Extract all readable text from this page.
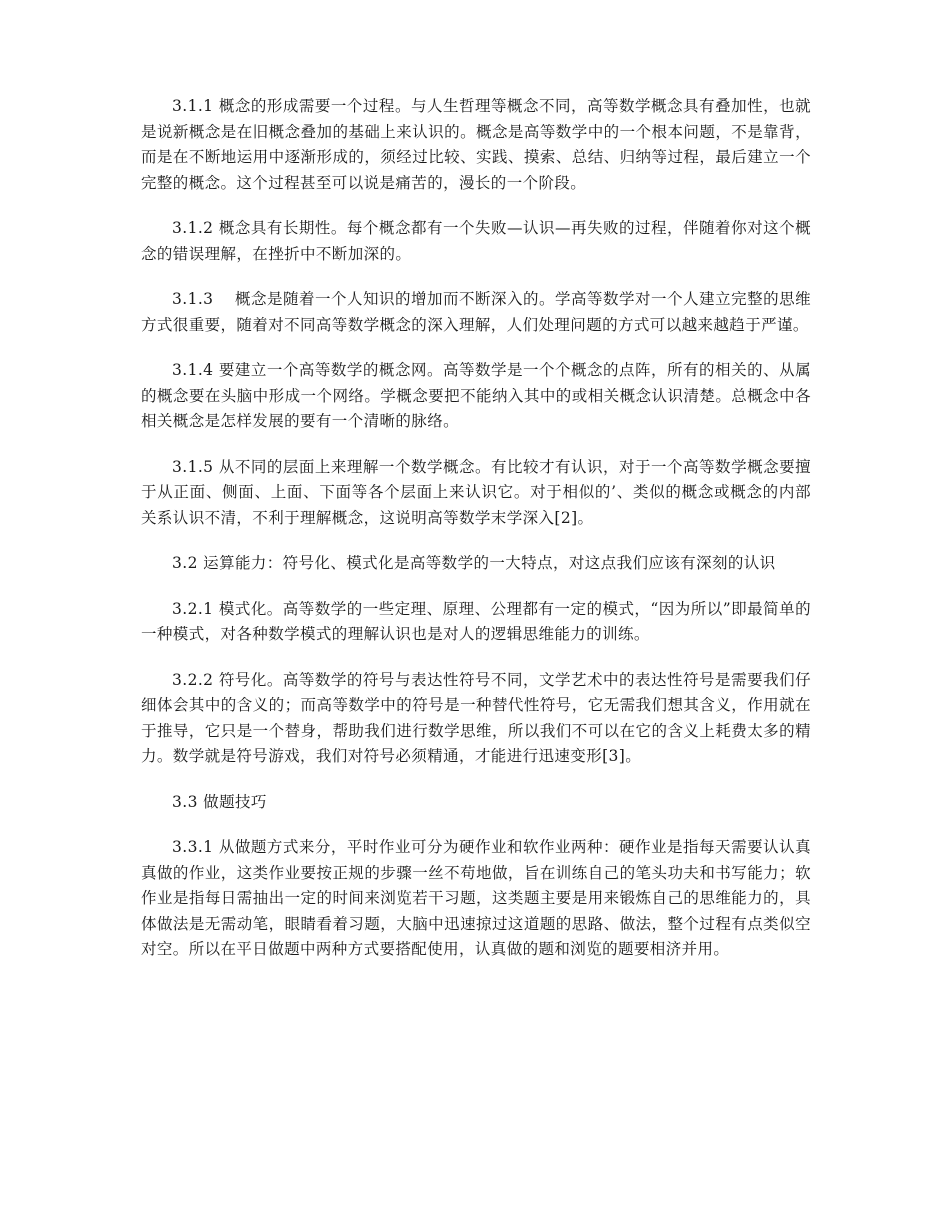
3.1.1 概念的形成需要一个过程。与人生哲理等概念不同，高等数学概念具有叠加性，也就是说新概念是在旧概念叠加的基础上来认识的。概念是高等数学中的一个根本问题，不是靠背，而是在不断地运用中逐渐形成的，须经过比较、实践、摸索、总结、归纳等过程，最后建立一个完整的概念。这个过程甚至可以说是痛苦的，漫长的一个阶段。

3.1.2 概念具有长期性。每个概念都有一个失败—认识—再失败的过程，伴随着你对这个概念的错误理解，在挫折中不断加深的。

3.1.3　 概念是随着一个人知识的增加而不断深入的。学高等数学对一个人建立完整的思维方式很重要，随着对不同高等数学概念的深入理解，人们处理问题的方式可以越来越趋于严谨。

3.1.4 要建立一个高等数学的概念网。高等数学是一个个概念的点阵，所有的相关的、从属的概念要在头脑中形成一个网络。学概念要把不能纳入其中的或相关概念认识清楚。总概念中各相关概念是怎样发展的要有一个清晰的脉络。

3.1.5 从不同的层面上来理解一个数学概念。有比较才有认识，对于一个高等数学概念要擅于从正面、侧面、上面、下面等各个层面上来认识它。对于相似的’、类似的概念或概念的内部关系认识不清，不利于理解概念，这说明高等数学末学深入[2]。

3.2 运算能力：符号化、模式化是高等数学的一大特点，对这点我们应该有深刻的认识

3.2.1 模式化。高等数学的一些定理、原理、公理都有一定的模式，“因为所以”即最简单的一种模式，对各种数学模式的理解认识也是对人的逻辑思维能力的训练。

3.2.2 符号化。高等数学的符号与表达性符号不同，文学艺术中的表达性符号是需要我们仔细体会其中的含义的；而高等数学中的符号是一种替代性符号，它无需我们想其含义，作用就在于推导，它只是一个替身，帮助我们进行数学思维，所以我们不可以在它的含义上耗费太多的精力。数学就是符号游戏，我们对符号必须精通，才能进行迅速变形[3]。

3.3 做题技巧

3.3.1 从做题方式来分，平时作业可分为硬作业和软作业两种：硬作业是指每天需要认认真真做的作业，这类作业要按正规的步骤一丝不苟地做，旨在训练自己的笔头功夫和书写能力；软作业是指每日需抽出一定的时间来浏览若干习题，这类题主要是用来锻炼自己的思维能力的，具体做法是无需动笔，眼睛看着习题，大脑中迅速掠过这道题的思路、做法，整个过程有点类似空对空。所以在平日做题中两种方式要搭配使用，认真做的题和浏览的题要相济并用。
